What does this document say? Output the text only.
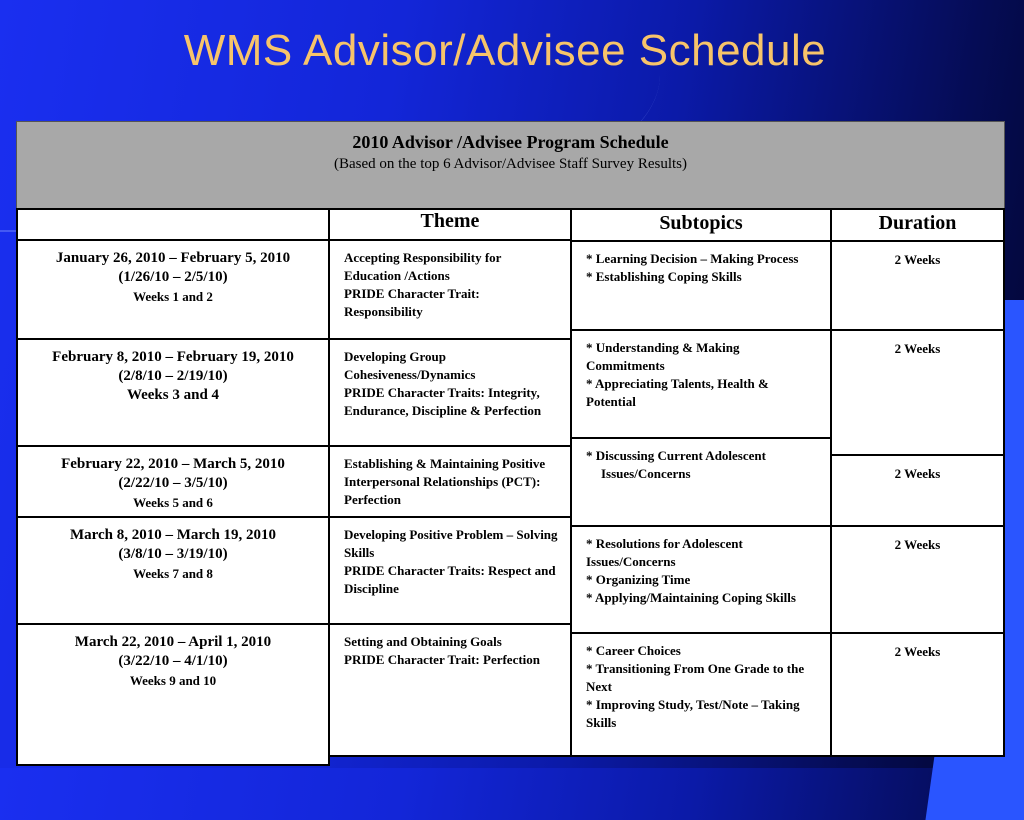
WMS Advisor/Advisee Schedule
2010 Advisor /Advisee Program Schedule
(Based on the top 6 Advisor/Advisee Staff Survey Results)
Theme	Subtopics	Duration
January 26, 2010 – February 5, 2010
(1/26/10 – 2/5/10)
Weeks 1 and 2
February 8, 2010 – February 19, 2010
(2/8/10 – 2/19/10)
Weeks 3 and 4
February 22, 2010 – March 5, 2010
(2/22/10 – 3/5/10)
Weeks 5 and 6
March 8, 2010 – March 19, 2010
(3/8/10 – 3/19/10)
Weeks 7 and 8
March 22, 2010 – April 1, 2010
(3/22/10 – 4/1/10)
Weeks 9 and 10
Accepting Responsibility for Education /Actions
PRIDE Character Trait: Responsibility
Developing Group Cohesiveness/Dynamics
PRIDE Character Traits: Integrity, Endurance, Discipline & Perfection
Establishing & Maintaining Positive Interpersonal Relationships (PCT): Perfection
Developing Positive Problem – Solving Skills
PRIDE Character Traits: Respect and Discipline
Setting and Obtaining Goals
PRIDE Character Trait: Perfection
* Learning Decision – Making Process
* Establishing Coping Skills
* Understanding & Making Commitments
* Appreciating Talents, Health & Potential
* Discussing Current Adolescent
Issues/Concerns
* Resolutions for Adolescent Issues/Concerns
* Organizing Time
* Applying/Maintaining Coping Skills
* Career Choices
* Transitioning From One Grade to the Next
* Improving Study, Test/Note – Taking Skills
2 Weeks
2 Weeks
2 Weeks
2 Weeks
2 Weeks
